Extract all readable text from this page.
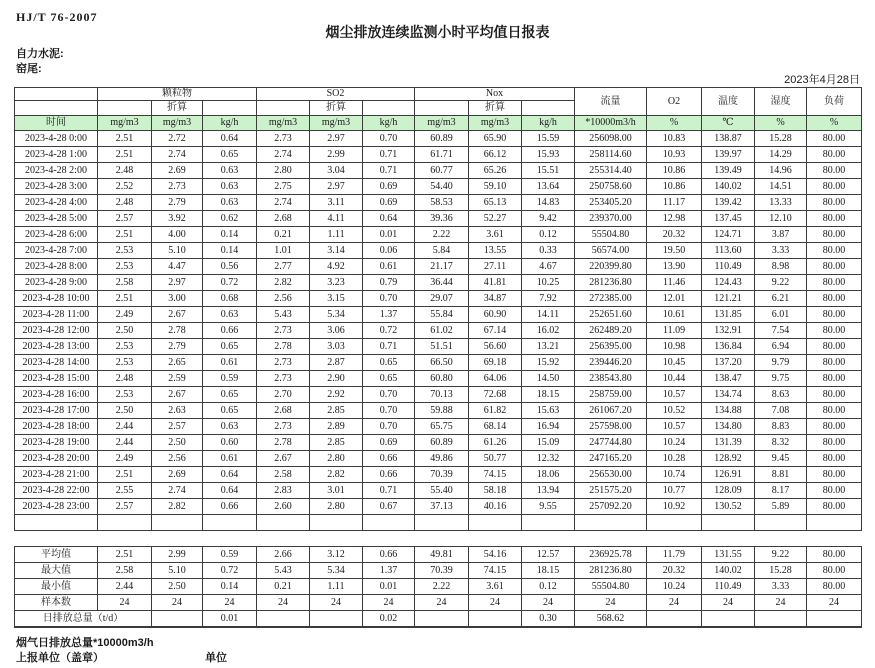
HJ/T 76-2007
烟尘排放连续监测小时平均值日报表
自力水泥:
窑尾:
2023年4月28日
	颗粒物			SO2			Nox			流量	O2	温度	湿度	负荷
		折算			折算			折算						
时间	mg/m3	mg/m3	kg/h	mg/m3	mg/m3	kg/h	mg/m3	mg/m3	kg/h	*10000m3/h	%	℃	%	%
2023-4-28 0:00	2.51	2.72	0.64	2.73	2.97	0.70	60.89	65.90	15.59	256098.00	10.83	138.87	15.28	80.00
2023-4-28 1:00	2.51	2.74	0.65	2.74	2.99	0.71	61.71	66.12	15.93	258114.60	10.93	139.97	14.29	80.00
2023-4-28 2:00	2.48	2.69	0.63	2.80	3.04	0.71	60.77	65.26	15.51	255314.40	10.86	139.49	14.96	80.00
2023-4-28 3:00	2.52	2.73	0.63	2.75	2.97	0.69	54.40	59.10	13.64	250758.60	10.86	140.02	14.51	80.00
2023-4-28 4:00	2.48	2.79	0.63	2.74	3.11	0.69	58.53	65.13	14.83	253405.20	11.17	139.42	13.33	80.00
2023-4-28 5:00	2.57	3.92	0.62	2.68	4.11	0.64	39.36	52.27	9.42	239370.00	12.98	137.45	12.10	80.00
2023-4-28 6:00	2.51	4.00	0.14	0.21	1.11	0.01	2.22	3.61	0.12	55504.80	20.32	124.71	3.87	80.00
2023-4-28 7:00	2.53	5.10	0.14	1.01	3.14	0.06	5.84	13.55	0.33	56574.00	19.50	113.60	3.33	80.00
2023-4-28 8:00	2.53	4.47	0.56	2.77	4.92	0.61	21.17	27.11	4.67	220399.80	13.90	110.49	8.98	80.00
2023-4-28 9:00	2.58	2.97	0.72	2.82	3.23	0.79	36.44	41.81	10.25	281236.80	11.46	124.43	9.22	80.00
2023-4-28 10:00	2.51	3.00	0.68	2.56	3.15	0.70	29.07	34.87	7.92	272385.00	12.01	121.21	6.21	80.00
2023-4-28 11:00	2.49	2.67	0.63	5.43	5.34	1.37	55.84	60.90	14.11	252651.60	10.61	131.85	6.01	80.00
2023-4-28 12:00	2.50	2.78	0.66	2.73	3.06	0.72	61.02	67.14	16.02	262489.20	11.09	132.91	7.54	80.00
2023-4-28 13:00	2.53	2.79	0.65	2.78	3.03	0.71	51.51	56.60	13.21	256395.00	10.98	136.84	6.94	80.00
2023-4-28 14:00	2.53	2.65	0.61	2.73	2.87	0.65	66.50	69.18	15.92	239446.20	10.45	137.20	9.79	80.00
2023-4-28 15:00	2.48	2.59	0.59	2.73	2.90	0.65	60.80	64.06	14.50	238543.80	10.44	138.47	9.75	80.00
2023-4-28 16:00	2.53	2.67	0.65	2.70	2.92	0.70	70.13	72.68	18.15	258759.00	10.57	134.74	8.63	80.00
2023-4-28 17:00	2.50	2.63	0.65	2.68	2.85	0.70	59.88	61.82	15.63	261067.20	10.52	134.88	7.08	80.00
2023-4-28 18:00	2.44	2.57	0.63	2.73	2.89	0.70	65.75	68.14	16.94	257598.00	10.57	134.80	8.83	80.00
2023-4-28 19:00	2.44	2.50	0.60	2.78	2.85	0.69	60.89	61.26	15.09	247744.80	10.24	131.39	8.32	80.00
2023-4-28 20:00	2.49	2.56	0.61	2.67	2.80	0.66	49.86	50.77	12.32	247165.20	10.28	128.92	9.45	80.00
2023-4-28 21:00	2.51	2.69	0.64	2.58	2.82	0.66	70.39	74.15	18.06	256530.00	10.74	126.91	8.81	80.00
2023-4-28 22:00	2.55	2.74	0.64	2.83	3.01	0.71	55.40	58.18	13.94	251575.20	10.77	128.09	8.17	80.00
2023-4-28 23:00	2.57	2.82	0.66	2.60	2.80	0.67	37.13	40.16	9.55	257092.20	10.92	130.52	5.89	80.00

平均值	2.51	2.99	0.59	2.66	3.12	0.66	49.81	54.16	12.57	236925.78	11.79	131.55	9.22	80.00
最大值	2.58	5.10	0.72	5.43	5.34	1.37	70.39	74.15	18.15	281236.80	20.32	140.02	15.28	80.00
最小值	2.44	2.50	0.14	0.21	1.11	0.01	2.22	3.61	0.12	55504.80	10.24	110.49	3.33	80.00
样本数	24	24	24	24	24	24	24	24	24	24	24	24	24	24
日排放总量（t/d）			0.01			0.02			0.30	568.62				
烟气日排放总量*10000m3/h
上报单位（盖章）	单位
